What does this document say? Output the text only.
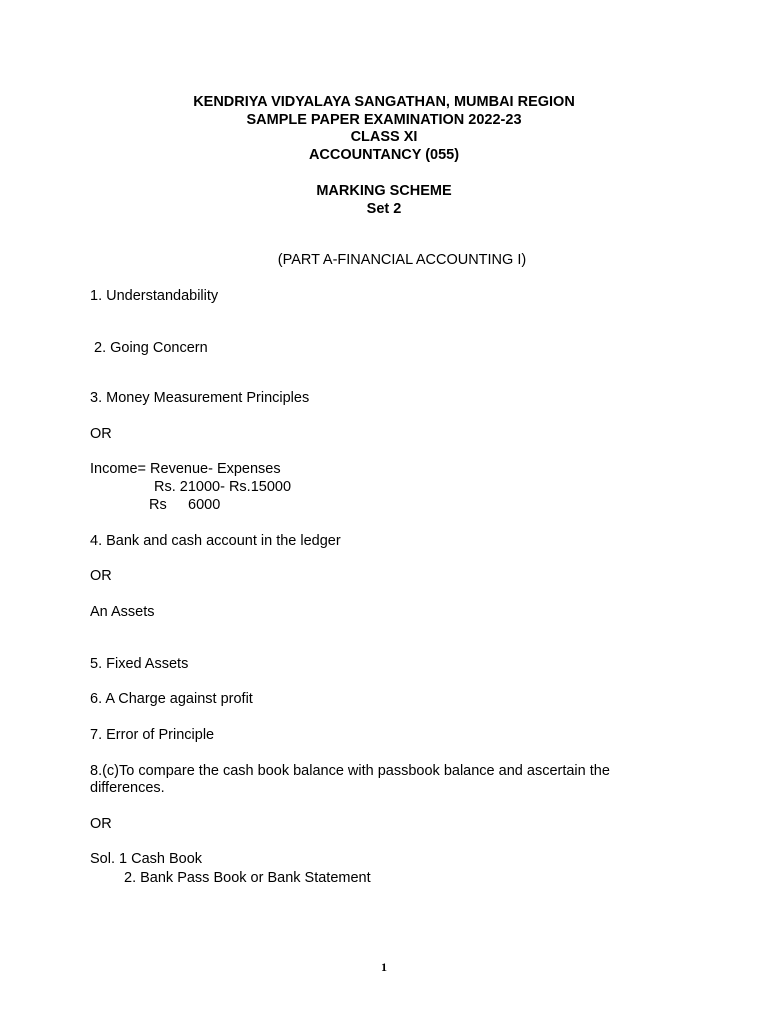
KENDRIYA VIDYALAYA SANGATHAN, MUMBAI REGION
SAMPLE PAPER EXAMINATION 2022-23
CLASS XI
ACCOUNTANCY (055)
MARKING SCHEME
Set 2
(PART A-FINANCIAL ACCOUNTING I)
1. Understandability
2. Going Concern
3. Money Measurement Principles
OR
Income= Revenue- Expenses
Rs. 21000- Rs.15000
Rs 6000
4. Bank and cash account in the ledger
OR
An Assets
5. Fixed Assets
6. A Charge against profit
7. Error of Principle
8.(c)To compare the cash book balance with passbook balance and ascertain the
differences.
OR
Sol. 1 Cash Book
2. Bank Pass Book or Bank Statement
1
